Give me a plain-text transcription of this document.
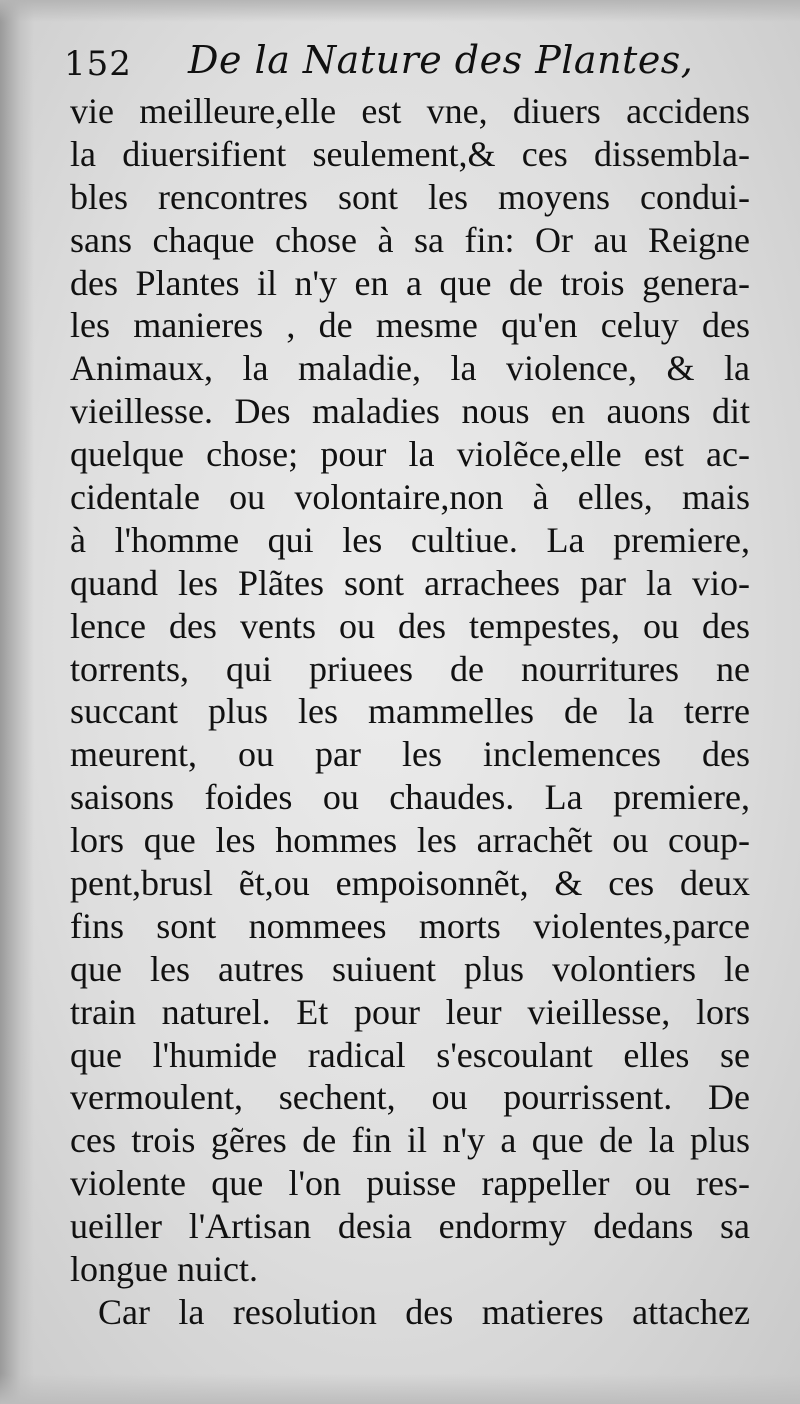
152 De la Nature des Plantes,
vie meilleure,elle est vne, diuers accidens
la diuersifient seulement,& ces dissembla-
bles rencontres sont les moyens condui-
sans chaque chose à sa fin: Or au Reigne
des Plantes il n'y en a que de trois genera-
les manieres , de mesme qu'en celuy des
Animaux, la maladie, la violence, & la
vieillesse. Des maladies nous en auons dit
quelque chose; pour la violẽce,elle est ac-
cidentale ou volontaire,non à elles, mais
à l'homme qui les cultiue. La premiere,
quand les Plãtes sont arrachees par la vio-
lence des vents ou des tempestes, ou des
torrents, qui priuees de nourritures ne
succant plus les mammelles de la terre
meurent, ou par les inclemences des
saisons foides ou chaudes. La premiere,
lors que les hommes les arrachẽt ou coup-
pent,brusl ẽt,ou empoisonnẽt, & ces deux
fins sont nommees morts violentes,parce
que les autres suiuent plus volontiers le
train naturel. Et pour leur vieillesse, lors
que l'humide radical s'escoulant elles se
vermoulent, sechent, ou pourrissent. De
ces trois gẽres de fin il n'y a que de la plus
violente que l'on puisse rappeller ou res-
ueiller l'Artisan desia endormy dedans sa
longue nuict.
Car la resolution des matieres attachez
